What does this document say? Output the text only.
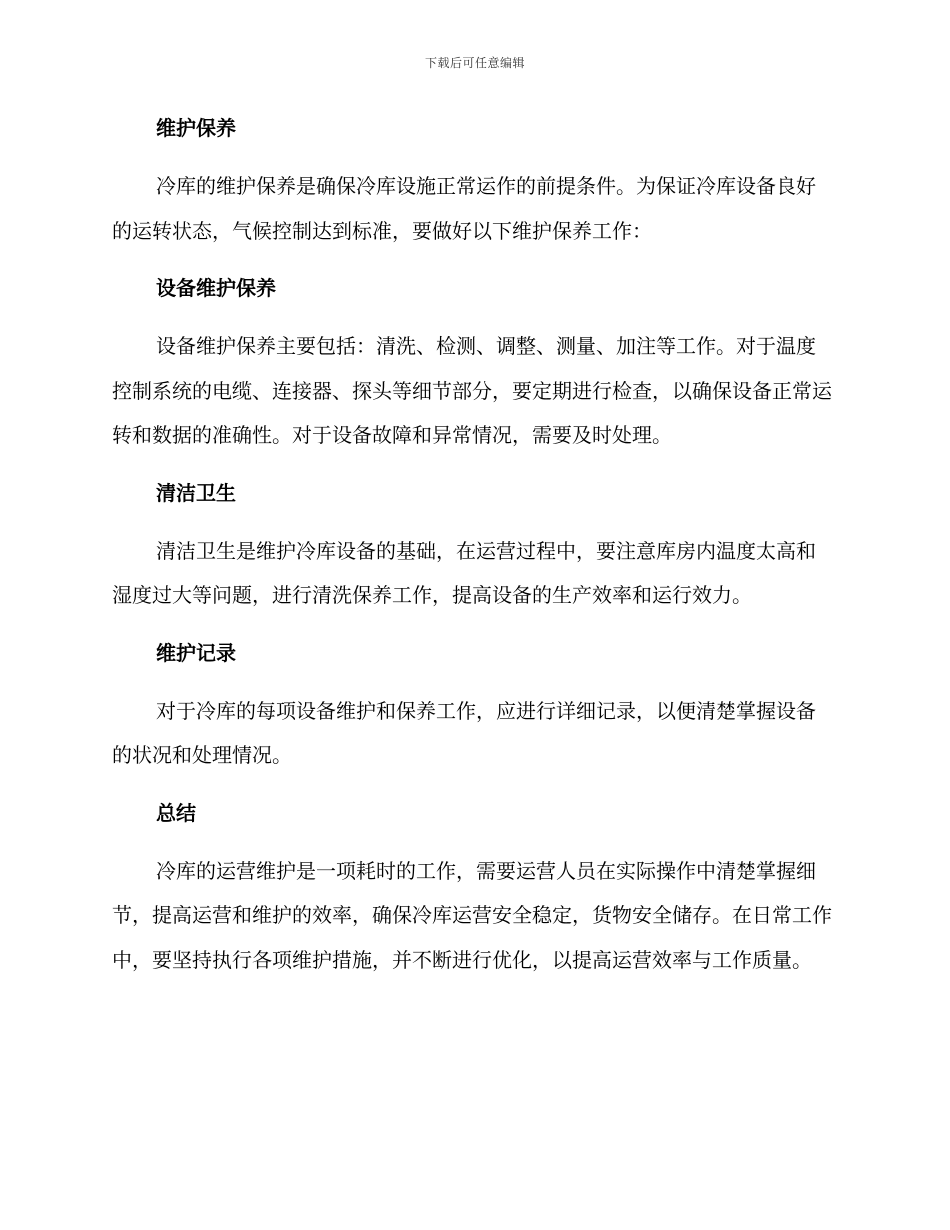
下载后可任意编辑

维护保养

冷库的维护保养是确保冷库设施正常运作的前提条件。为保证冷库设备良好的运转状态，气候控制达到标准，要做好以下维护保养工作：

设备维护保养

设备维护保养主要包括：清洗、检测、调整、测量、加注等工作。对于温度控制系统的电缆、连接器、探头等细节部分，要定期进行检查，以确保设备正常运转和数据的准确性。对于设备故障和异常情况，需要及时处理。

清洁卫生

清洁卫生是维护冷库设备的基础，在运营过程中，要注意库房内温度太高和湿度过大等问题，进行清洗保养工作，提高设备的生产效率和运行效力。

维护记录

对于冷库的每项设备维护和保养工作，应进行详细记录，以便清楚掌握设备的状况和处理情况。

总结

冷库的运营维护是一项耗时的工作，需要运营人员在实际操作中清楚掌握细节，提高运营和维护的效率，确保冷库运营安全稳定，货物安全储存。在日常工作中，要坚持执行各项维护措施，并不断进行优化，以提高运营效率与工作质量。
